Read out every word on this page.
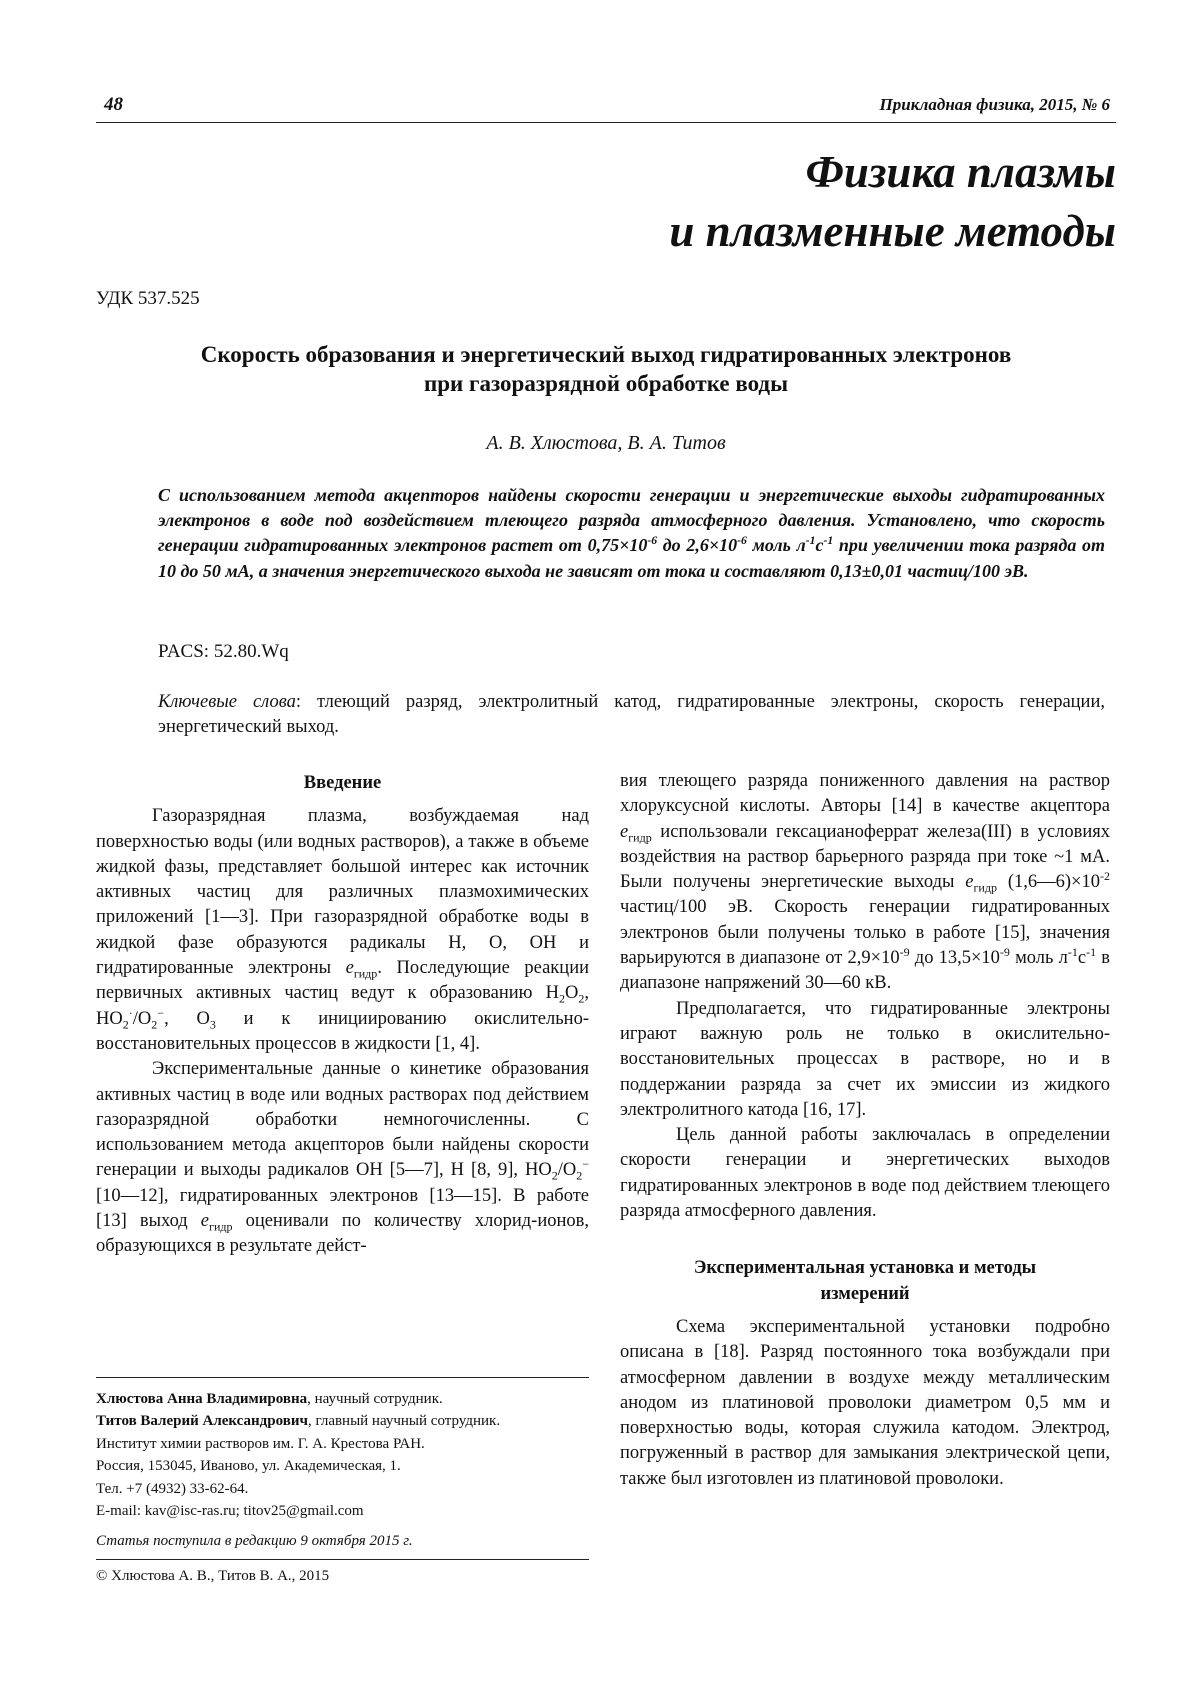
48	Прикладная физика, 2015, № 6
Физика плазмы
и плазменные методы
УДК 537.525
Скорость образования и энергетический выход гидратированных электронов
при газоразрядной обработке воды
А. В. Хлюстова, В. А. Титов
С использованием метода акцепторов найдены скорости генерации и энергетические выходы гидратированных электронов в воде под воздействием тлеющего разряда атмосферного давления. Установлено, что скорость генерации гидратированных электронов растет от $0,75\times 10^{-6}$ до $2,6\times 10^{-6}$ моль $л^{-1}с^{-1}$ при увеличении тока разряда от 10 до 50 мА, а значения энергетического выхода не зависят от тока и составляют 0,13±0,01 частиц/100 эВ.
PACS: 52.80.Wq
Ключевые слова: тлеющий разряд, электролитный катод, гидратированные электроны, скорость генерации, энергетический выход.
Введение

Газоразрядная плазма, возбуждаемая над поверхностью воды (или водных растворов), а также в объеме жидкой фазы, представляет большой интерес как источник активных частиц для различных плазмохимических приложений [1—3]. При газоразрядной обработке воды в жидкой фазе образуются радикалы H, O, OH и гидратированные электроны $e_{гидр}$. Последующие реакции первичных активных частиц ведут к образованию $H_2O_2$, $HO_2^\cdot/O_2^-$, $O_3$ и к инициированию окислительно-восстановительных процессов в жидкости [1, 4].

Экспериментальные данные о кинетике образования активных частиц в воде или водных растворах под действием газоразрядной обработки немногочисленны. С использованием метода акцепторов были найдены скорости генерации и выходы радикалов OH [5—7], H [8, 9], $HO_2/O_2^-$ [10—12], гидратированных электронов [13—15]. В работе [13] выход $e_{гидр}$ оценивали по количеству хлорид-ионов, образующихся в результате дейст-

вия тлеющего разряда пониженного давления на раствор хлоруксусной кислоты. Авторы [14] в качестве акцептора $e_{гидр}$ использовали гексацианоферрат железа(III) в условиях воздействия на раствор барьерного разряда при токе ~1 мА. Были получены энергетические выходы $e_{гидр}$ $(1,6—6)\times 10^{-2}$ частиц/100 эВ. Скорость генерации гидратированных электронов были получены только в работе [15], значения варьируются в диапазоне от $2,9\times 10^{-9}$ до $13,5\times 10^{-9}$ моль $л^{-1}с^{-1}$ в диапазоне напряжений 30—60 кВ.

Предполагается, что гидратированные электроны играют важную роль не только в окислительно-восстановительных процессах в растворе, но и в поддержании разряда за счет их эмиссии из жидкого электролитного катода [16, 17].

Цель данной работы заключалась в определении скорости генерации и энергетических выходов гидратированных электронов в воде под действием тлеющего разряда атмосферного давления.

Экспериментальная установка и методы
измерений

Схема экспериментальной установки подробно описана в [18]. Разряд постоянного тока возбуждали при атмосферном давлении в воздухе между металлическим анодом из платиновой проволоки диаметром 0,5 мм и поверхностью воды, которая служила катодом. Электрод, погруженный в раствор для замыкания электрической цепи, также был изготовлен из платиновой проволоки.

Хлюстова Анна Владимировна, научный сотрудник.
Титов Валерий Александрович, главный научный сотрудник.
Институт химии растворов им. Г. А. Крестова РАН.
Россия, 153045, Иваново, ул. Академическая, 1.
Тел. +7 (4932) 33-62-64.
E-mail: kav@isc-ras.ru; titov25@gmail.com
Статья поступила в редакцию 9 октября 2015 г.
© Хлюстова А. В., Титов В. А., 2015
